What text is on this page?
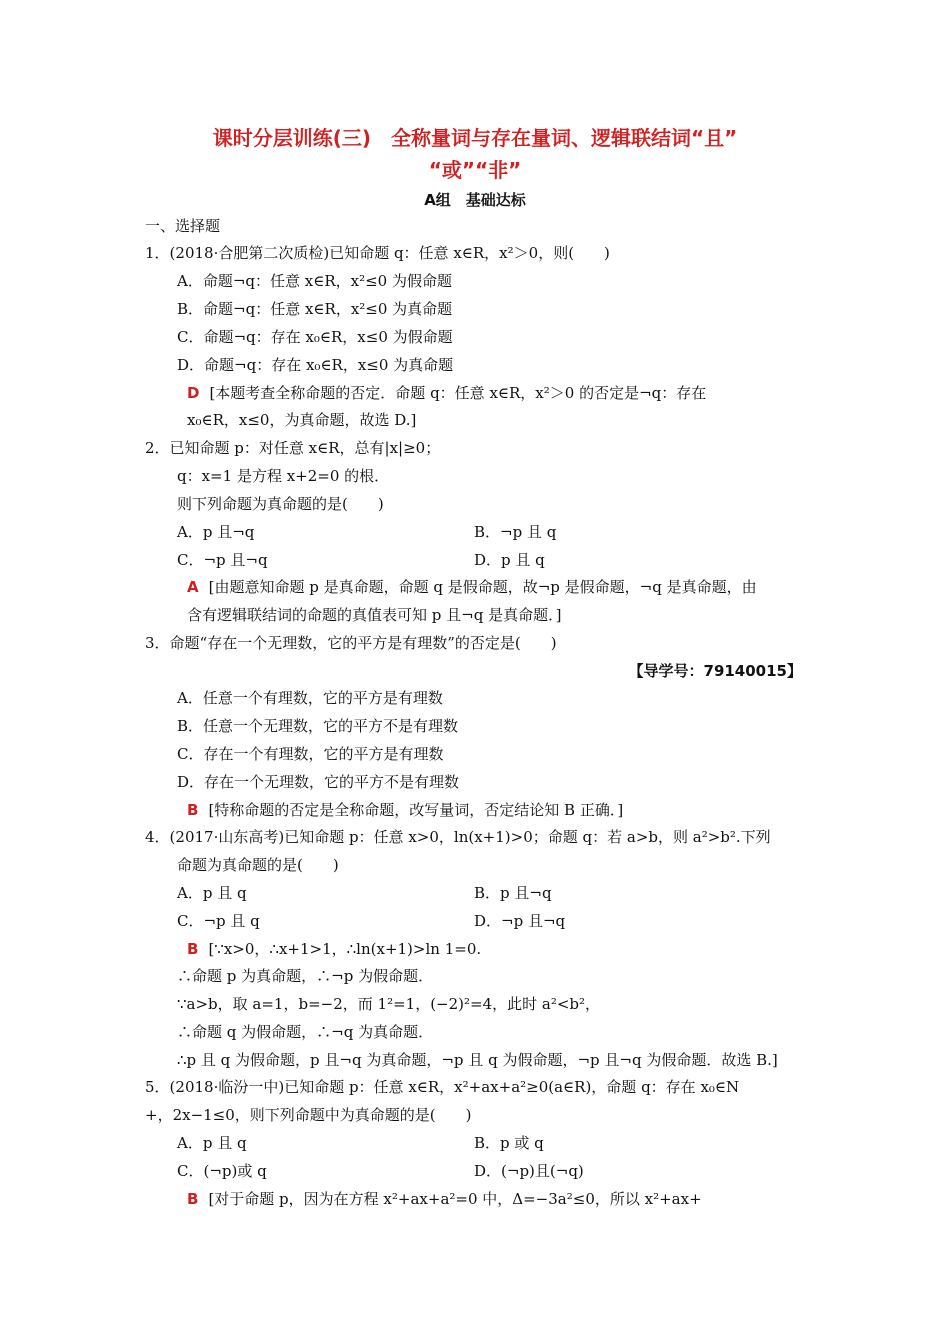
课时分层训练(三)　全称量词与存在量词、逻辑联结词“且”
“或”“非”
A组　基础达标
一、选择题
1．(2018·合肥第二次质检)已知命题 q：任意 x∈R，x²＞0，则(　　)
A．命题¬q：任意 x∈R，x²≤0 为假命题
B．命题¬q：任意 x∈R，x²≤0 为真命题
C．命题¬q：存在 x₀∈R，x≤0 为假命题
D．命题¬q：存在 x₀∈R，x≤0 为真命题
D [本题考查全称命题的否定．命题 q：任意 x∈R，x²＞0 的否定是¬q：存在
x₀∈R，x≤0，为真命题，故选 D.]
2．已知命题 p：对任意 x∈R，总有|x|≥0；
q：x=1 是方程 x+2=0 的根．
则下列命题为真命题的是(　　)
A．p 且¬q	B．¬p 且 q
C．¬p 且¬q	D．p 且 q
A [由题意知命题 p 是真命题，命题 q 是假命题，故¬p 是假命题，¬q 是真命题，由
含有逻辑联结词的命题的真值表可知 p 且¬q 是真命题．]
3．命题“存在一个无理数，它的平方是有理数”的否定是(　　)
【导学号：79140015】
A．任意一个有理数，它的平方是有理数
B．任意一个无理数，它的平方不是有理数
C．存在一个有理数，它的平方是有理数
D．存在一个无理数，它的平方不是有理数
B [特称命题的否定是全称命题，改写量词，否定结论知 B 正确．]
4．(2017·山东高考)已知命题 p：任意 x>0，ln(x+1)>0；命题 q：若 a>b，则 a²>b².下列
命题为真命题的是(　　)
A．p 且 q	B．p 且¬q
C．¬p 且 q	D．¬p 且¬q
B [∵x>0，∴x+1>1，∴ln(x+1)>ln 1=0.
∴命题 p 为真命题，∴¬p 为假命题．
∵a>b，取 a=1，b=−2，而 1²=1，(−2)²=4，此时 a²<b²，
∴命题 q 为假命题，∴¬q 为真命题．
∴p 且 q 为假命题，p 且¬q 为真命题，¬p 且 q 为假命题，¬p 且¬q 为假命题．故选 B.]
5．(2018·临汾一中)已知命题 p：任意 x∈R，x²+ax+a²≥0(a∈R)，命题 q：存在 x₀∈N
+，2x−1≤0，则下列命题中为真命题的是(　　)
A．p 且 q	B．p 或 q
C．(¬p)或 q	D．(¬p)且(¬q)
B [对于命题 p，因为在方程 x²+ax+a²=0 中，Δ=−3a²≤0，所以 x²+ax+
